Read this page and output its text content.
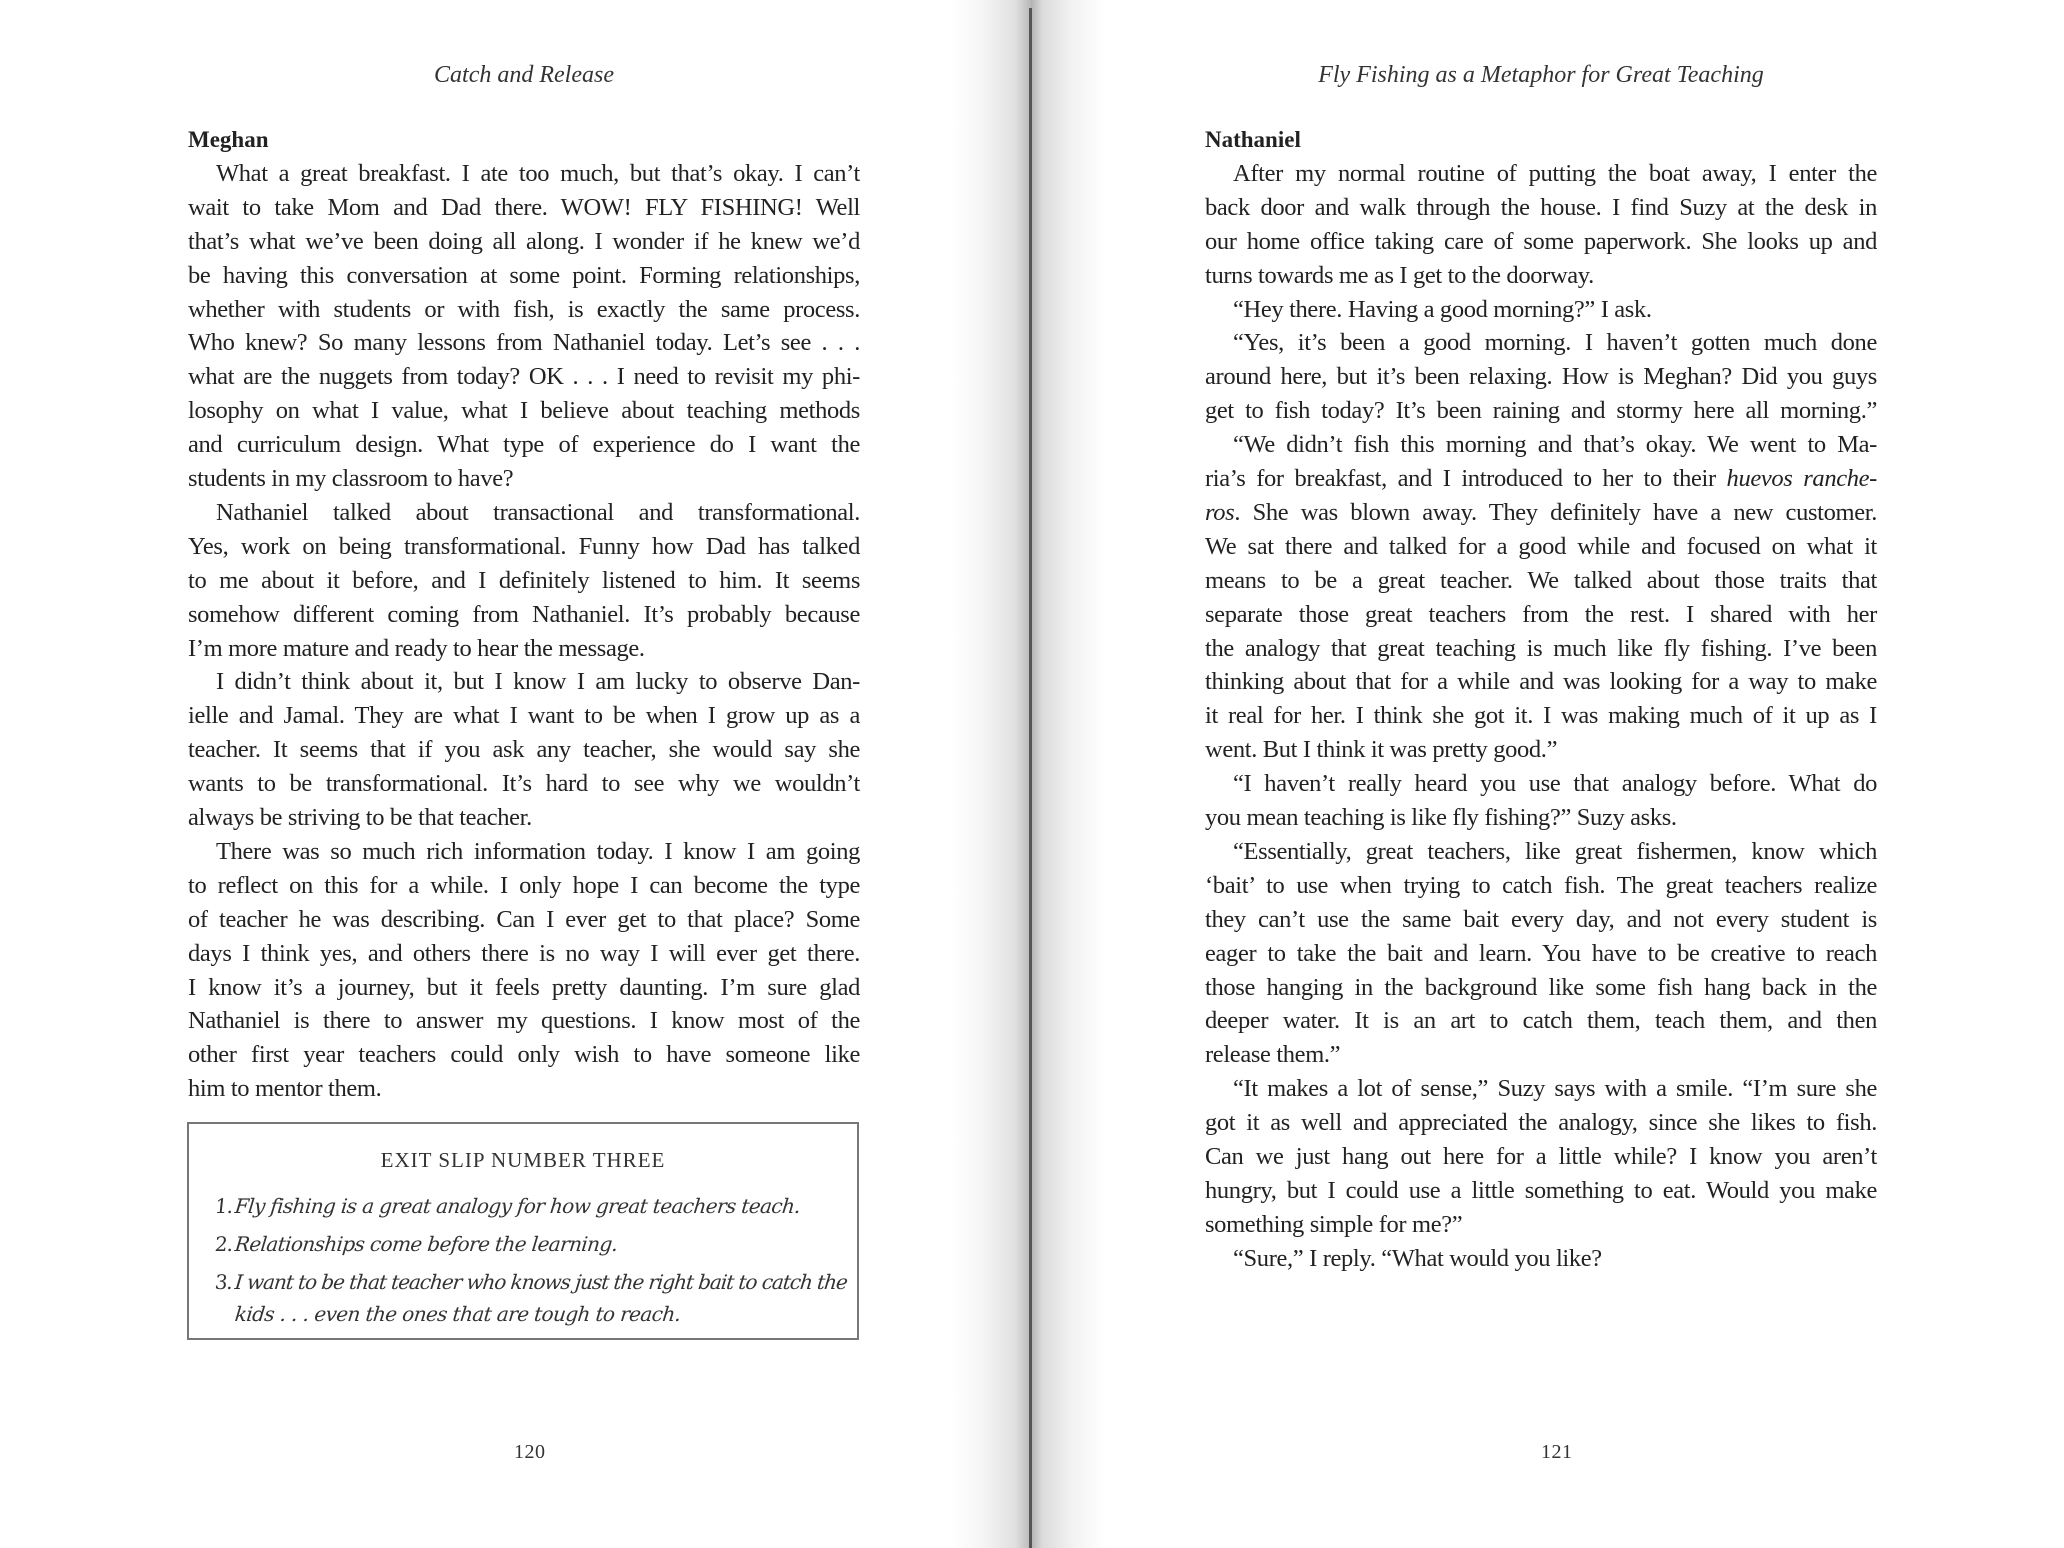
Catch and Release
Meghan
What a great breakfast. I ate too much, but that’s okay. I can’t
wait to take Mom and Dad there. WOW! FLY FISHING! Well
that’s what we’ve been doing all along. I wonder if he knew we’d
be having this conversation at some point. Forming relationships,
whether with students or with fish, is exactly the same process.
Who knew? So many lessons from Nathaniel today. Let’s see . . .
what are the nuggets from today? OK . . . I need to revisit my phi-
losophy on what I value, what I believe about teaching methods
and curriculum design. What type of experience do I want the
students in my classroom to have?
Nathaniel talked about transactional and transformational.
Yes, work on being transformational. Funny how Dad has talked
to me about it before, and I definitely listened to him. It seems
somehow different coming from Nathaniel. It’s probably because
I’m more mature and ready to hear the message.
I didn’t think about it, but I know I am lucky to observe Dan-
ielle and Jamal. They are what I want to be when I grow up as a
teacher. It seems that if you ask any teacher, she would say she
wants to be transformational. It’s hard to see why we wouldn’t
always be striving to be that teacher.
There was so much rich information today. I know I am going
to reflect on this for a while. I only hope I can become the type
of teacher he was describing. Can I ever get to that place? Some
days I think yes, and others there is no way I will ever get there.
I know it’s a journey, but it feels pretty daunting. I’m sure glad
Nathaniel is there to answer my questions. I know most of the
other first year teachers could only wish to have someone like
him to mentor them.
EXIT SLIP NUMBER THREE
1.Fly fishing is a great analogy for how great teachers teach.
2.Relationships come before the learning.
3.I want to be that teacher who knows just the right bait to catch the
kids . . . even the ones that are tough to reach.
120
Fly Fishing as a Metaphor for Great Teaching
Nathaniel
After my normal routine of putting the boat away, I enter the
back door and walk through the house. I find Suzy at the desk in
our home office taking care of some paperwork. She looks up and
turns towards me as I get to the doorway.
“Hey there. Having a good morning?” I ask.
“Yes, it’s been a good morning. I haven’t gotten much done
around here, but it’s been relaxing. How is Meghan? Did you guys
get to fish today? It’s been raining and stormy here all morning.”
“We didn’t fish this morning and that’s okay. We went to Ma-
ria’s for breakfast, and I introduced to her to their huevos ranche-
ros. She was blown away. They definitely have a new customer.
We sat there and talked for a good while and focused on what it
means to be a great teacher. We talked about those traits that
separate those great teachers from the rest. I shared with her
the analogy that great teaching is much like fly fishing. I’ve been
thinking about that for a while and was looking for a way to make
it real for her. I think she got it. I was making much of it up as I
went. But I think it was pretty good.”
“I haven’t really heard you use that analogy before. What do
you mean teaching is like fly fishing?” Suzy asks.
“Essentially, great teachers, like great fishermen, know which
‘bait’ to use when trying to catch fish. The great teachers realize
they can’t use the same bait every day, and not every student is
eager to take the bait and learn. You have to be creative to reach
those hanging in the background like some fish hang back in the
deeper water. It is an art to catch them, teach them, and then
release them.”
“It makes a lot of sense,” Suzy says with a smile. “I’m sure she
got it as well and appreciated the analogy, since she likes to fish.
Can we just hang out here for a little while? I know you aren’t
hungry, but I could use a little something to eat. Would you make
something simple for me?”
“Sure,” I reply. “What would you like?
121
